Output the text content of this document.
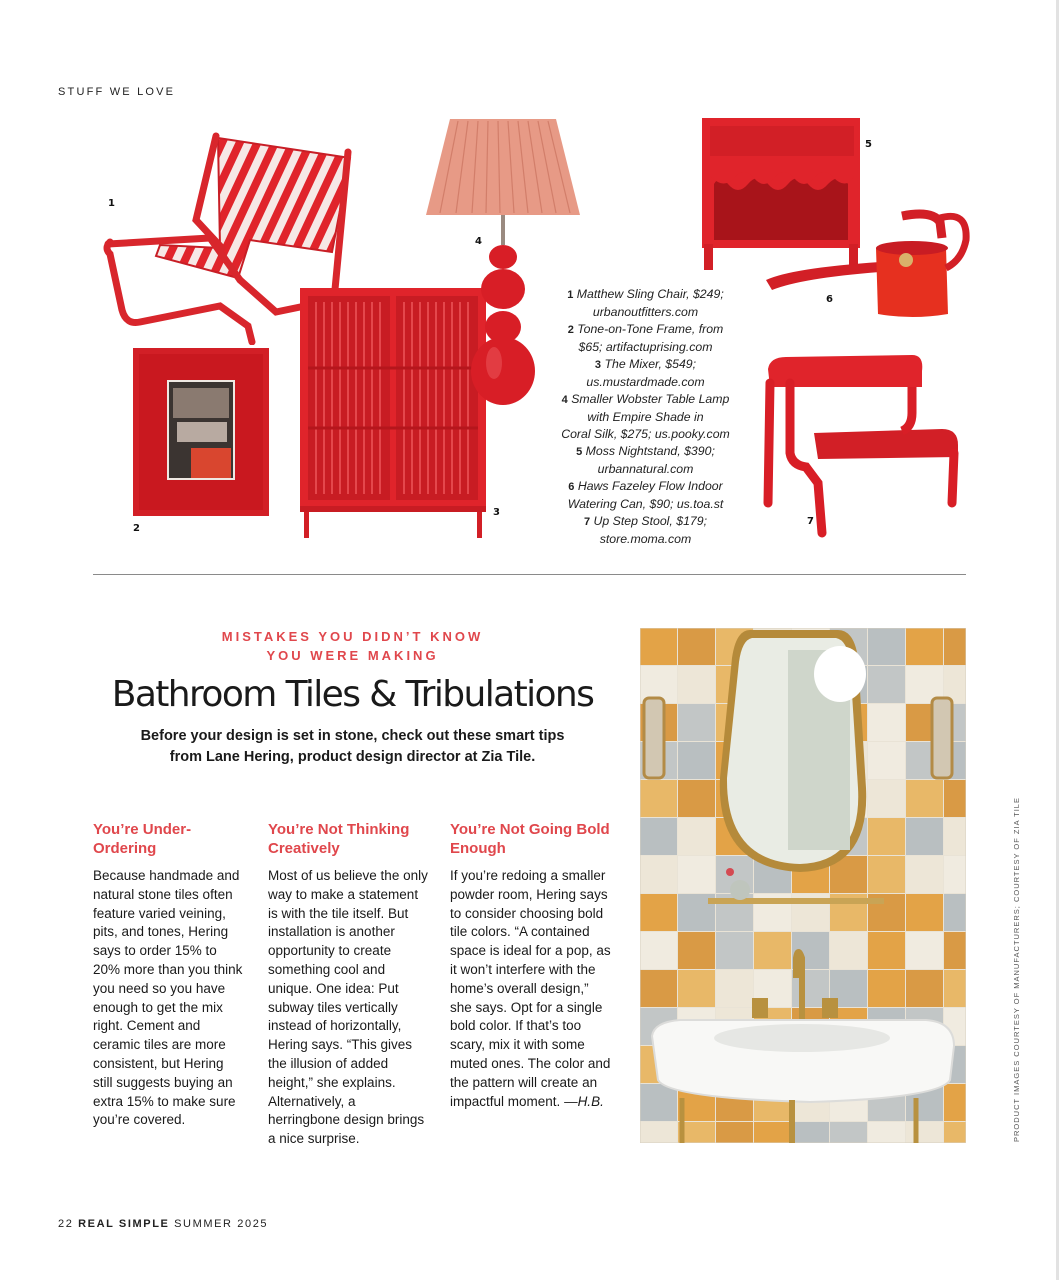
STUFF WE LOVE
1
2
3
4
5
6
7
1 Matthew Sling Chair, $249;
urbanoutfitters.com
2 Tone-on-Tone Frame, from
$65; artifactuprising.com
3 The Mixer, $549;
us.mustardmade.com
4 Smaller Wobster Table Lamp
with Empire Shade in
Coral Silk, $275; us.pooky.com
5 Moss Nightstand, $390;
urbannatural.com
6 Haws Fazeley Flow Indoor
Watering Can, $90; us.toa.st
7 Up Step Stool, $179;
store.moma.com
MISTAKES YOU DIDN’T KNOW
YOU WERE MAKING
Bathroom Tiles & Tribulations
Before your design is set in stone, check out these smart tips
from Lane Hering, product design director at Zia Tile.
You’re Under-Ordering

Because handmade and natural stone tiles often feature varied veining, pits, and tones, Hering says to order 15% to 20% more than you think you need so you have enough to get the mix right. Cement and ceramic tiles are more consistent, but Hering still suggests buying an extra 15% to make sure you’re covered.

You’re Not Thinking Creatively

Most of us believe the only way to make a statement is with the tile itself. But installation is another opportunity to create something cool and unique. One idea: Put subway tiles vertically instead of horizontally, Hering says. “This gives the illusion of added height,” she explains. Alternatively, a herringbone design brings a nice surprise.

You’re Not Going Bold Enough

If you’re redoing a smaller powder room, Hering says to consider choosing bold tile colors. “A contained space is ideal for a pop, as it won’t interfere with the home’s overall design,” she says. Opt for a single bold color. If that’s too scary, mix it with some muted ones. The color and the pattern will create an impactful moment. —H.B.	PRODUCT IMAGES COURTESY OF MANUFACTURERS; COURTESY OF ZIA TILE
22 REAL SIMPLE SUMMER 2025
